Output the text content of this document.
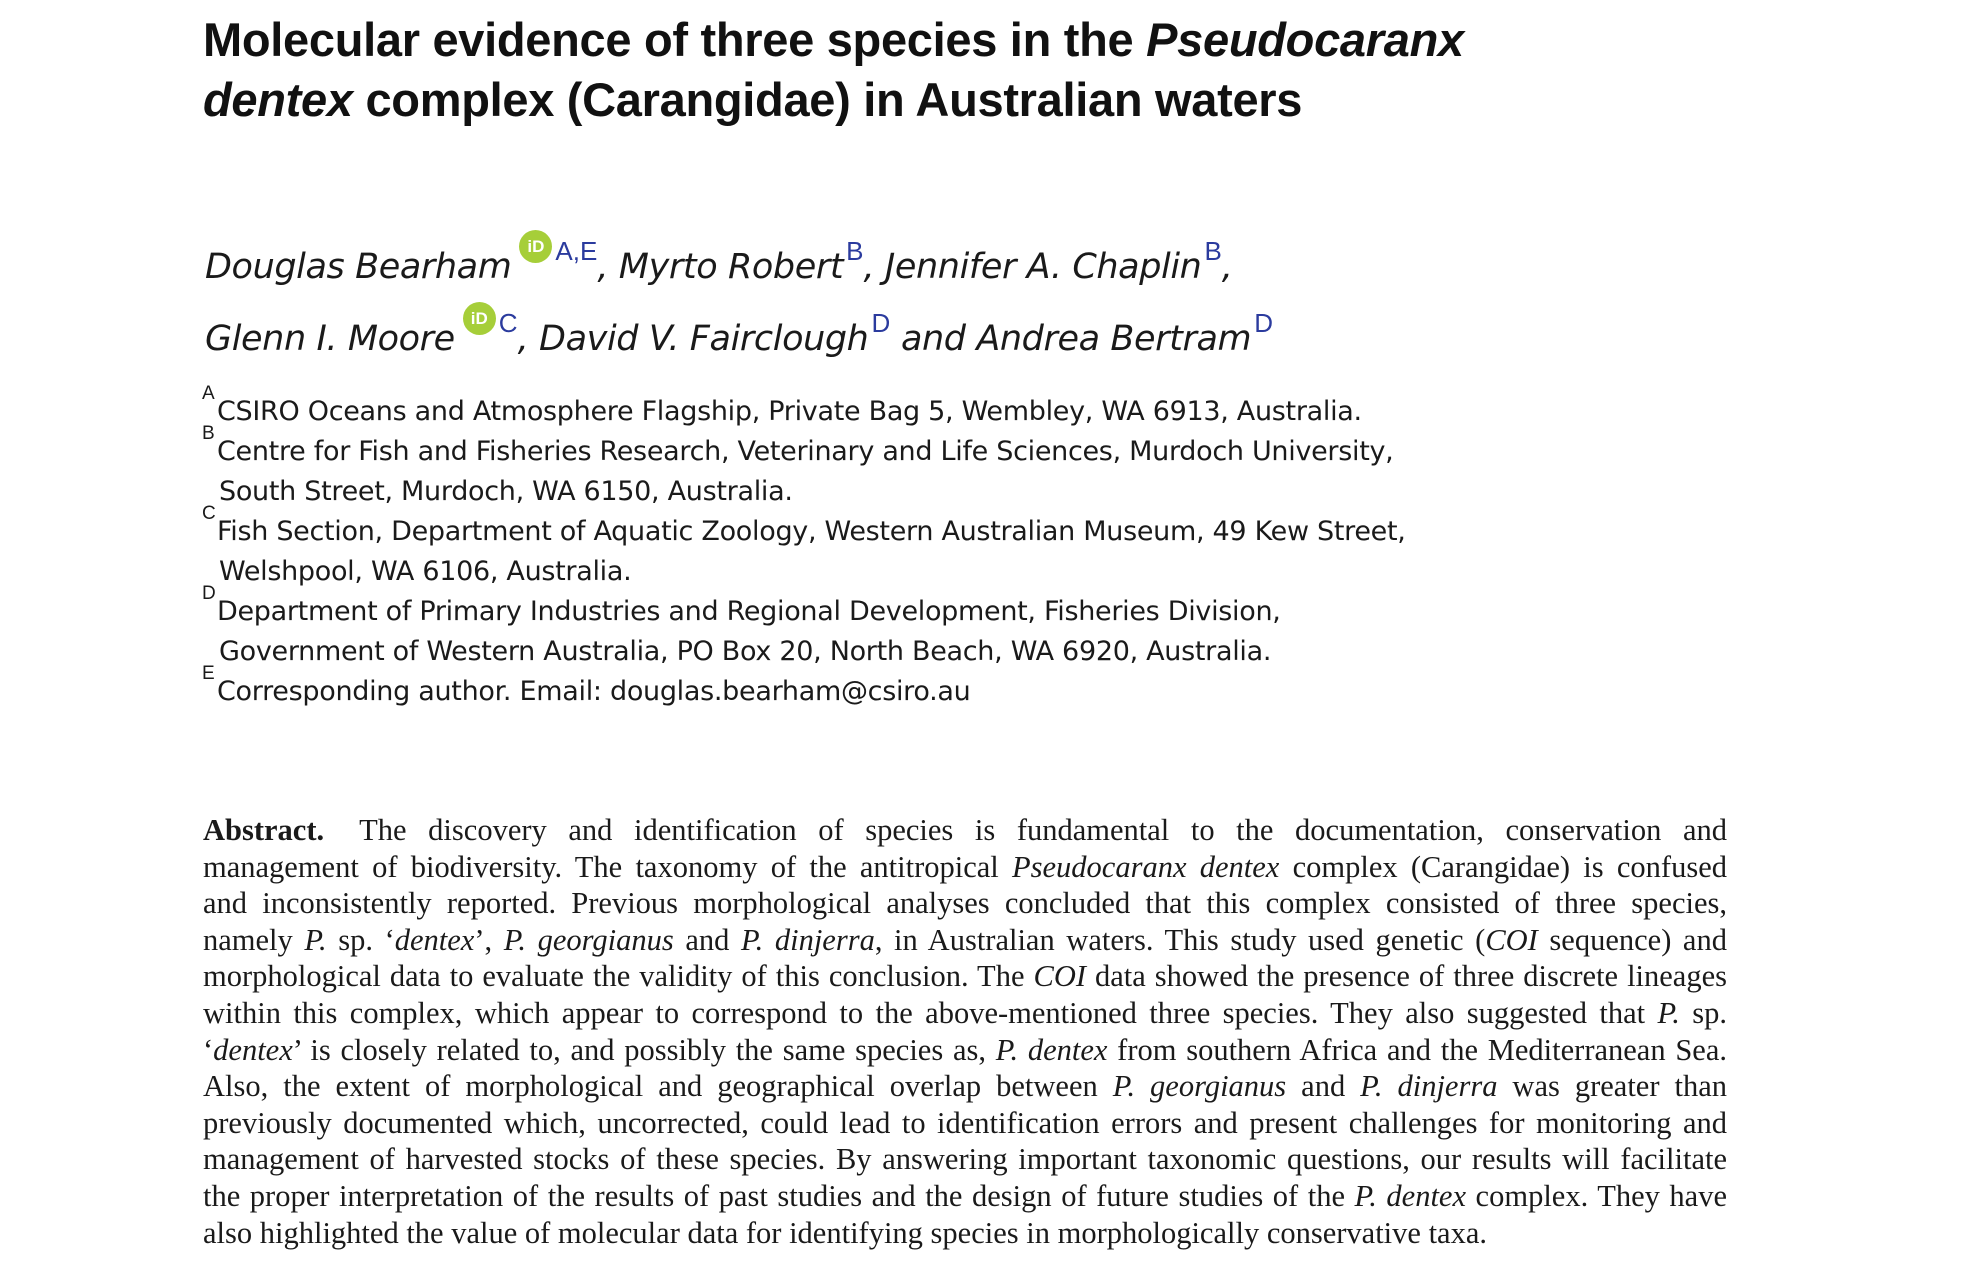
Molecular evidence of three species in the Pseudocaranx
dentex complex (Carangidae) in Australian waters
Douglas BearhamiD $^{A,E}$, Myrto Robert $^B$, Jennifer A. Chaplin $^B$,
Glenn I. MooreiD $^C$, David V. Fairclough $^D$ and Andrea Bertram $^D$
A
CSIRO Oceans and Atmosphere Flagship, Private Bag 5, Wembley, WA 6913, Australia.
B
Centre for Fish and Fisheries Research, Veterinary and Life Sciences, Murdoch University,
South Street, Murdoch, WA 6150, Australia.
C
Fish Section, Department of Aquatic Zoology, Western Australian Museum, 49 Kew Street,
Welshpool, WA 6106, Australia.
D
Department of Primary Industries and Regional Development, Fisheries Division,
Government of Western Australia, PO Box 20, North Beach, WA 6920, Australia.
E
Corresponding author. Email: douglas.bearham@csiro.au
Abstract. The discovery and identification of species is fundamental to the documentation, conservation and
management of biodiversity. The taxonomy of the antitropical Pseudocaranx dentex complex (Carangidae) is confused
and inconsistently reported. Previous morphological analyses concluded that this complex consisted of three species,
namely P. sp. ‘dentex’, P. georgianus and P. dinjerra, in Australian waters. This study used genetic (COI sequence) and
morphological data to evaluate the validity of this conclusion. The COI data showed the presence of three discrete lineages
within this complex, which appear to correspond to the above-mentioned three species. They also suggested that P. sp.
‘dentex’ is closely related to, and possibly the same species as, P. dentex from southern Africa and the Mediterranean Sea.
Also, the extent of morphological and geographical overlap between P. georgianus and P. dinjerra was greater than
previously documented which, uncorrected, could lead to identification errors and present challenges for monitoring and
management of harvested stocks of these species. By answering important taxonomic questions, our results will facilitate
the proper interpretation of the results of past studies and the design of future studies of the P. dentex complex. They have
also highlighted the value of molecular data for identifying species in morphologically conservative taxa.
